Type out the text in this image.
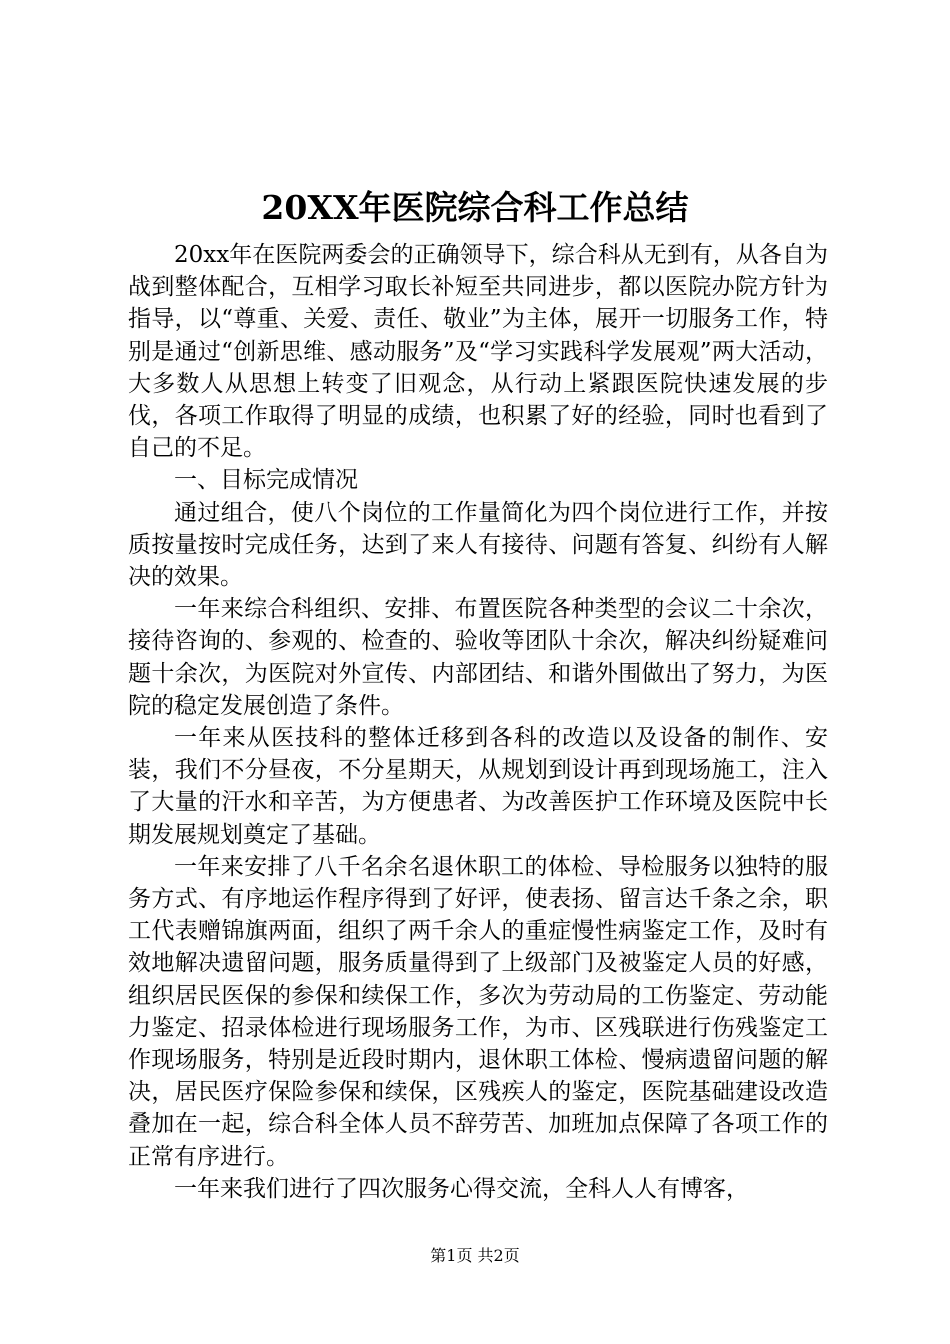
20XX年医院综合科工作总结

20xx年在医院两委会的正确领导下，综合科从无到有，从各自为战到整体配合，互相学习取长补短至共同进步，都以医院办院方针为指导，以“尊重、关爱、责任、敬业”为主体，展开一切服务工作，特别是通过“创新思维、感动服务”及“学习实践科学发展观”两大活动，大多数人从思想上转变了旧观念，从行动上紧跟医院快速发展的步伐，各项工作取得了明显的成绩，也积累了好的经验，同时也看到了自己的不足。

一、目标完成情况

通过组合，使八个岗位的工作量简化为四个岗位进行工作，并按质按量按时完成任务，达到了来人有接待、问题有答复、纠纷有人解决的效果。

一年来综合科组织、安排、布置医院各种类型的会议二十余次，接待咨询的、参观的、检查的、验收等团队十余次，解决纠纷疑难问题十余次，为医院对外宣传、内部团结、和谐外围做出了努力，为医院的稳定发展创造了条件。

一年来从医技科的整体迁移到各科的改造以及设备的制作、安装，我们不分昼夜，不分星期天，从规划到设计再到现场施工，注入了大量的汗水和辛苦，为方便患者、为改善医护工作环境及医院中长期发展规划奠定了基础。

一年来安排了八千名余名退休职工的体检、导检服务以独特的服务方式、有序地运作程序得到了好评，使表扬、留言达千条之余，职工代表赠锦旗两面，组织了两千余人的重症慢性病鉴定工作，及时有效地解决遗留问题，服务质量得到了上级部门及被鉴定人员的好感，组织居民医保的参保和续保工作，多次为劳动局的工伤鉴定、劳动能力鉴定、招录体检进行现场服务工作，为市、区残联进行伤残鉴定工作现场服务，特别是近段时期内，退休职工体检、慢病遗留问题的解决，居民医疗保险参保和续保，区残疾人的鉴定，医院基础建设改造叠加在一起，综合科全体人员不辞劳苦、加班加点保障了各项工作的正常有序进行。

一年来我们进行了四次服务心得交流，全科人人有博客，

第1页 共2页
